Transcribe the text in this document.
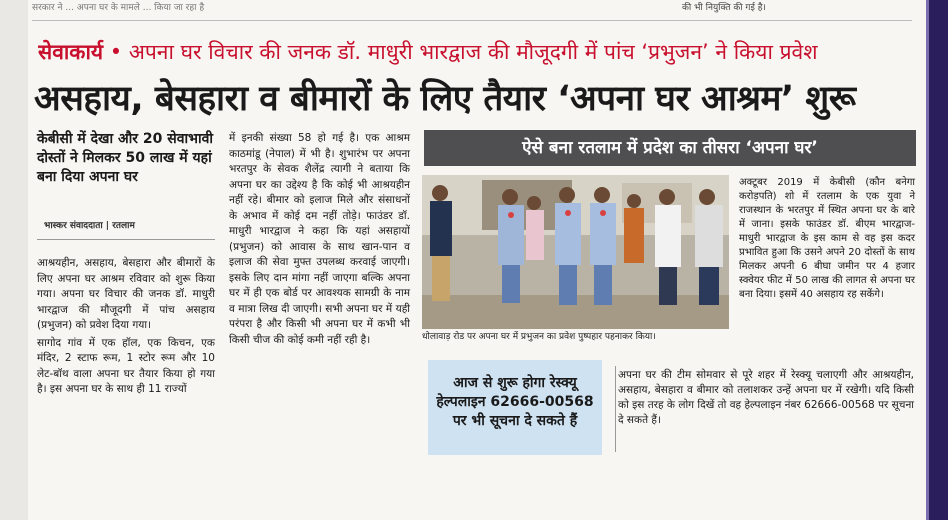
सरकार ने ... अपना घर के मामले ... किया जा रहा है	की भी नियुक्ति की गई है।
सेवाकार्य • अपना घर विचार की जनक डॉ. माधुरी भारद्वाज की मौजूदगी में पांच ‘प्रभुजन’ ने किया प्रवेश
असहाय, बेसहारा व बीमारों के लिए तैयार ‘अपना घर आश्रम’ शुरू
केबीसी में देखा और 20 सेवाभावी दोस्तों ने मिलकर 50 लाख में यहां बना दिया अपना घर
भास्कर संवाददाता | रतलाम

आश्रयहीन, असहाय, बेसहारा और बीमारों के लिए अपना घर आश्रम रविवार को शुरू किया गया। अपना घर विचार की जनक डॉ. माधुरी भारद्वाज की मौजूदगी में पांच असहाय (प्रभुजन) को प्रवेश दिया गया।

सागोद गांव में एक हॉल, एक किचन, एक मंदिर, 2 स्टाफ रूम, 1 स्टोर रूम और 10 लेट-बॉथ वाला अपना घर तैयार किया हो गया है। इस अपना घर के साथ ही 11 राज्यों

में इनकी संख्या 58 हो गई है। एक आश्रम काठमांडू (नेपाल) में भी है। शुभारंभ पर अपना भरतपुर के सेवक शैलेंद्र त्यागी ने बताया कि अपना घर का उद्देश्य है कि कोई भी आश्रयहीन नहीं रहे। बीमार को इलाज मिले और संसाधनों के अभाव में कोई दम नहीं तोड़े। फाउंडर डॉ. माधुरी भारद्वाज ने कहा कि यहां असहायों (प्रभुजन) को आवास के साथ खान-पान व इलाज की सेवा मुफ्त उपलब्ध करवाई जाएगी। इसके लिए दान मांगा नहीं जाएगा बल्कि अपना घर में ही एक बोर्ड पर आवश्यक सामग्री के नाम व मात्रा लिख दी जाएगी। सभी अपना घर में यही परंपरा है और किसी भी अपना घर में कभी भी किसी चीज की कोई कमी नहीं रही है।

ऐसे बना रतलाम में प्रदेश का तीसरा ‘अपना घर’
धोलावाड़ रोड पर अपना घर में प्रभुजन का प्रवेश पुष्पहार पहनाकर किया।
अक्टूबर 2019 में केबीसी (कौन बनेगा करोड़पति) शो में रतलाम के एक युवा ने राजस्थान के भरतपुर में स्थित अपना घर के बारे में जाना। इसके फाउंडर डॉ. बीएम भारद्वाज-माधुरी भारद्वाज के इस काम से वह इस कदर प्रभावित हुआ कि उसने अपने 20 दोस्तों के साथ मिलकर अपनी 6 बीघा जमीन पर 4 हजार स्क्वेयर फीट में 50 लाख की लागत से अपना घर बना दिया। इसमें 40 असहाय रह सकेंगे।
आज से शुरू होगा रेस्क्यू
हेल्पलाइन 62666-00568
पर भी सूचना दे सकते हैं
अपना घर की टीम सोमवार से पूरे शहर में रेस्क्यू चलाएगी और आश्रयहीन, असहाय, बेसहारा व बीमार को तलाशकर उन्हें अपना घर में रखेगी। यदि किसी को इस तरह के लोग दिखें तो वह हेल्पलाइन नंबर 62666-00568 पर सूचना दे सकते हैं।
